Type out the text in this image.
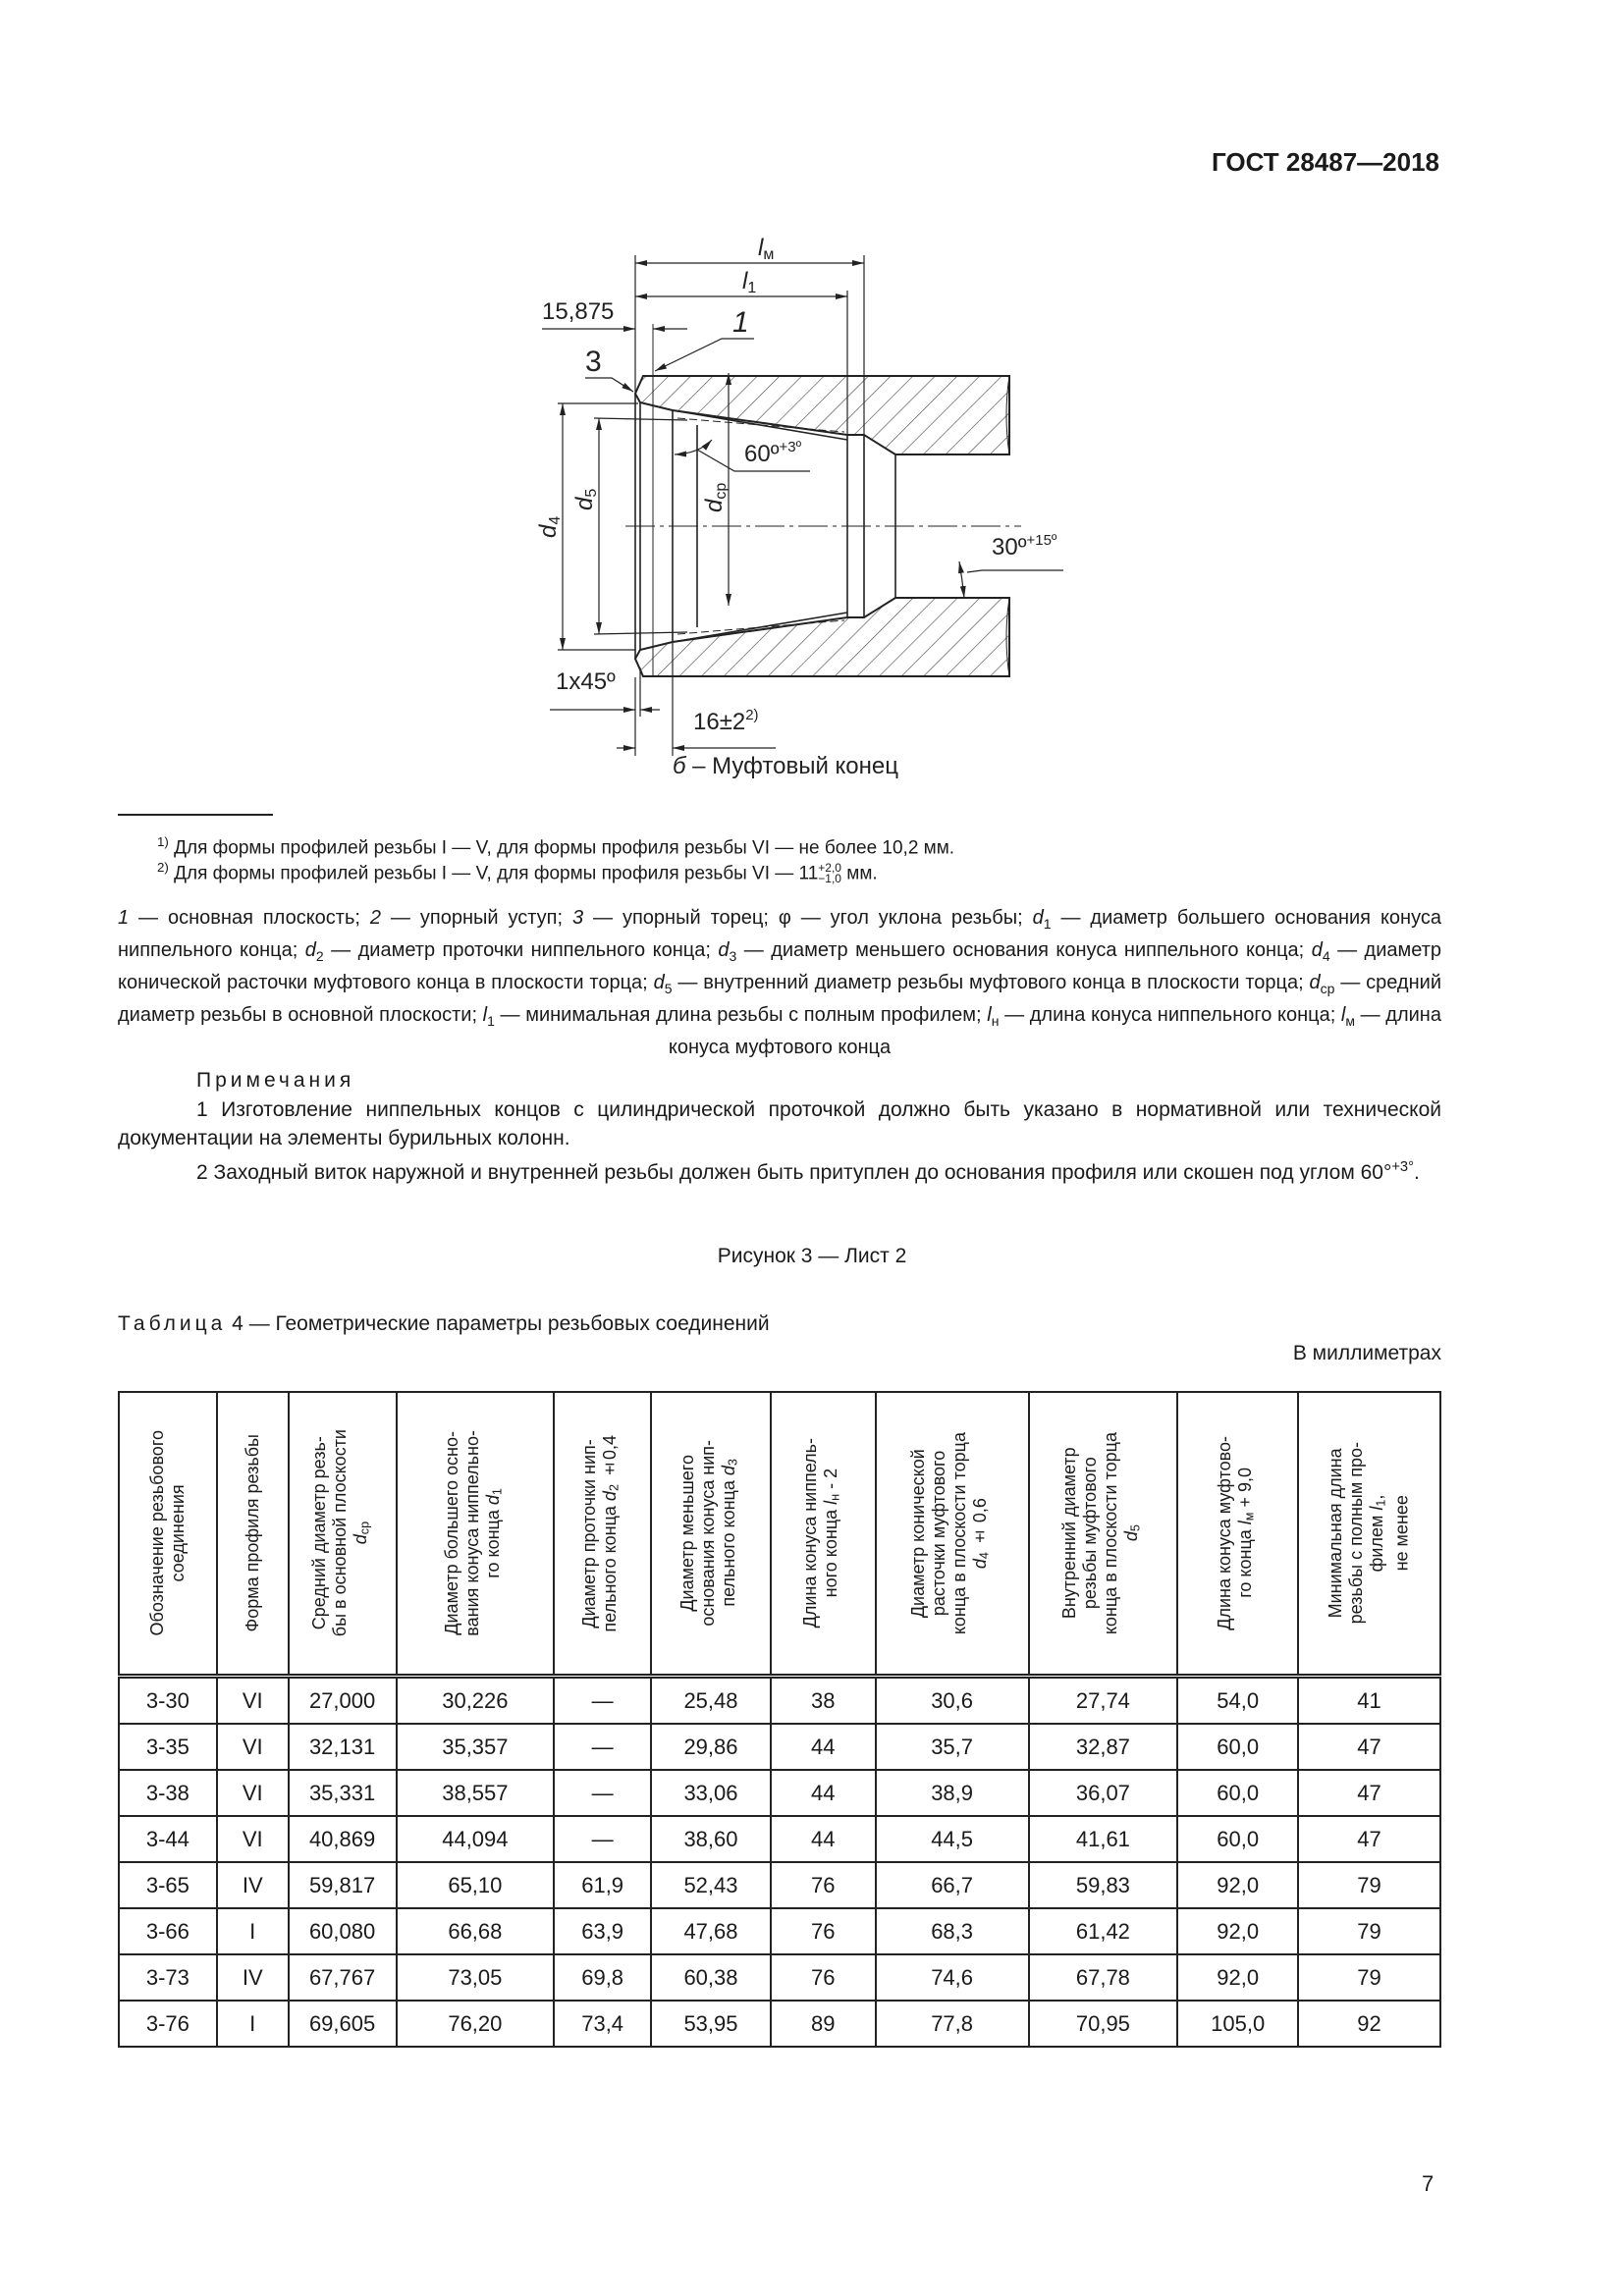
ГОСТ 28487—2018
lм
l1
15,875	1
3
d4
d5
dср
60º$^{+3º}$
30º$^{+15º}$
1x45º
$16\pm 2^{2)}$
б – Муфтовый конец
$^{1)}$ Для формы профилей резьбы I — V, для формы профиля резьбы VI — не более 10,2 мм.
$^{2)}$ Для формы профилей резьбы I — V, для формы профиля резьбы VI — 11 +2,0
−1,0 мм.
1 — основная плоскость; 2 — упорный уступ; 3 — упорный торец; φ — угол уклона резьбы; $d_1$ — диаметр большего основания конуса ниппельного конца; $d_2$ — диаметр проточки ниппельного конца; $d_3$ — диаметр меньшего основания конуса ниппельного конца; $d_4$ — диаметр конической расточки муфтового конца в плоскости торца; $d_5$ — внутренний диаметр резьбы муфтового конца в плоскости торца; $d_{ср}$ — средний диаметр резьбы в основной плоскости; $l_1$ — минимальная длина резьбы с полным профилем; $l_н$ — длина конуса ниппельного конца; $l_м$ — длина конуса муфтового конца
Примечания
1 Изготовление ниппельных концов с цилиндрической проточкой должно быть указано в нормативной или технической документации на элементы бурильных колонн.
2 Заходный виток наружной и внутренней резьбы должен быть притуплен до основания профиля или скошен под углом 60°$^{+3^\circ}$.
Рисунок 3 — Лист 2
Таблица 4 — Геометрические параметры резьбовых соединений
В миллиметрах
Обозначение резьбового
соединения	Форма профиля резьбы	Средний диаметр резь-
бы в основной плоскости
$d_{ср}$	Диаметр большего осно-
вания конуса ниппельно-
го конца $d_1$	Диаметр проточки нип-
пельного конца $d_2 \pm 0,4$	Диаметр меньшего
основания конуса нип-
пельного конца $d_3$	Длина конуса ниппель-
ного конца $l_н - 2$	Диаметр конической
расточки муфтового
конца в плоскости торца
$d_4 \pm 0,6$	Внутренний диаметр
резьбы муфтового
конца в плоскости торца
$d_5$	Длина конуса муфтово-
го конца $l_м + 9,0$	Минимальная длина
резьбы с полным про-
филем $l_1$,
не менее

3-30	VI	27,000	30,226	—	25,48	38	30,6	27,74	54,0	41
3-35	VI	32,131	35,357	—	29,86	44	35,7	32,87	60,0	47
3-38	VI	35,331	38,557	—	33,06	44	38,9	36,07	60,0	47
3-44	VI	40,869	44,094	—	38,60	44	44,5	41,61	60,0	47
3-65	IV	59,817	65,10	61,9	52,43	76	66,7	59,83	92,0	79
3-66	I	60,080	66,68	63,9	47,68	76	68,3	61,42	92,0	79
3-73	IV	67,767	73,05	69,8	60,38	76	74,6	67,78	92,0	79
3-76	I	69,605	76,20	73,4	53,95	89	77,8	70,95	105,0	92
7
